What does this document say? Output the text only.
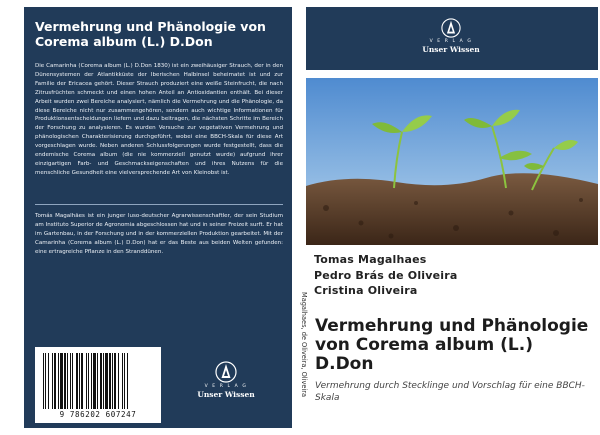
Vermehrung und Phänologie von Corema album (L.) D.Don

Die Camarinha (Corema album (L.) D.Don 1830) ist ein zweihäusiger Strauch, der in den Dünensystemen der Atlantikküste der Iberischen Halbinsel beheimatet ist und zur Familie der Ericacea gehört. Dieser Strauch produziert eine weiße Steinfrucht, die nach Zitrusfrüchten schmeckt und einen hohen Anteil an Antioxidantien enthält. Bei dieser Arbeit wurden zwei Bereiche analysiert, nämlich die Vermehrung und die Phänologie, da diese Bereiche nicht nur zusammengehören, sondern auch wichtige Informationen für Produktionsentscheidungen liefern und dazu beitragen, die nächsten Schritte im Bereich der Forschung zu analysieren. Es wurden Versuche zur vegetativen Vermehrung und phänologischen Charakterisierung durchgeführt, wobei eine BBCH-Skala für diese Art vorgeschlagen wurde. Neben anderen Schlussfolgerungen wurde festgestellt, dass die endemische Corema album (die nie kommerziell genutzt wurde) aufgrund ihrer einzigartigen Farb- und Geschmackseigenschaften und ihres Nutzens für die menschliche Gesundheit eine vielversprechende Art von Kleinobst ist.

Tomás Magalhães ist ein junger luso-deutscher Agrarwissenschaftler, der sein Studium am Instituto Superior de Agronomia abgeschlossen hat und in seiner Freizeit surft. Er hat im Gartenbau, in der Forschung und in der kommerziellen Produktion gearbeitet. Mit der Camarinha (Corema album (L.) D.Don) hat er das Beste aus beiden Welten gefunden: eine ertragreiche Pflanze in den Stranddünen.

9 786202 607247
V E R L A G
Unser Wissen	Magalhaes, de Oliveira, Oliveira
V E R L A G
Unser Wissen
Tomas Magalhaes
Pedro Brás de Oliveira
Cristina Oliveira
Vermehrung und Phänologie von Corema album (L.) D.Don

Vermehrung durch Stecklinge und Vorschlag für eine BBCH-Skala
